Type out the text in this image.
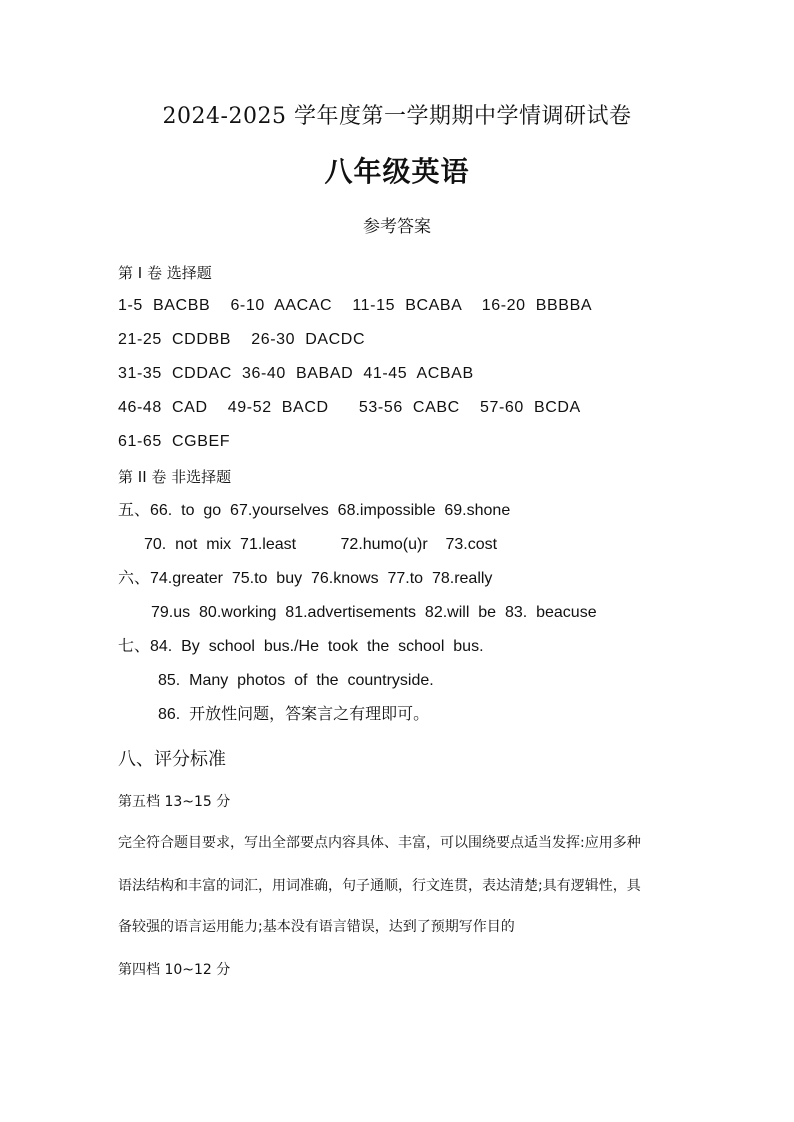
2024-2025 学年度第一学期期中学情调研试卷
八年级英语
参考答案
第 I 卷 选择题
1-5  BACBB    6-10  AACAC    11-15  BCABA    16-20  BBBBA
21-25  CDDBB    26-30  DACDC
31-35  CDDAC  36-40  BABAD  41-45  ACBAB
46-48  CAD    49-52  BACD      53-56  CABC    57-60  BCDA
61-65  CGBEF
第 II 卷 非选择题
五、66.  to  go  67.yourselves  68.impossible  69.shone
70.  not  mix  71.least          72.humo(u)r    73.cost
六、74.greater  75.to  buy  76.knows  77.to  78.really
79.us  80.working  81.advertisements  82.will  be  83.  beacuse
七、84.  By  school  bus./He  took  the  school  bus.
85.  Many  photos  of  the  countryside.
86.  开放性问题，答案言之有理即可。
八、评分标准
第五档 13~15 分
完全符合题目要求，写出全部要点内容具体、丰富，可以围绕要点适当发挥:应用多种
语法结构和丰富的词汇，用词准确，句子通顺，行文连贯，表达清楚;具有逻辑性，具
备较强的语言运用能力;基本没有语言错误，达到了预期写作目的
第四档 10~12 分
